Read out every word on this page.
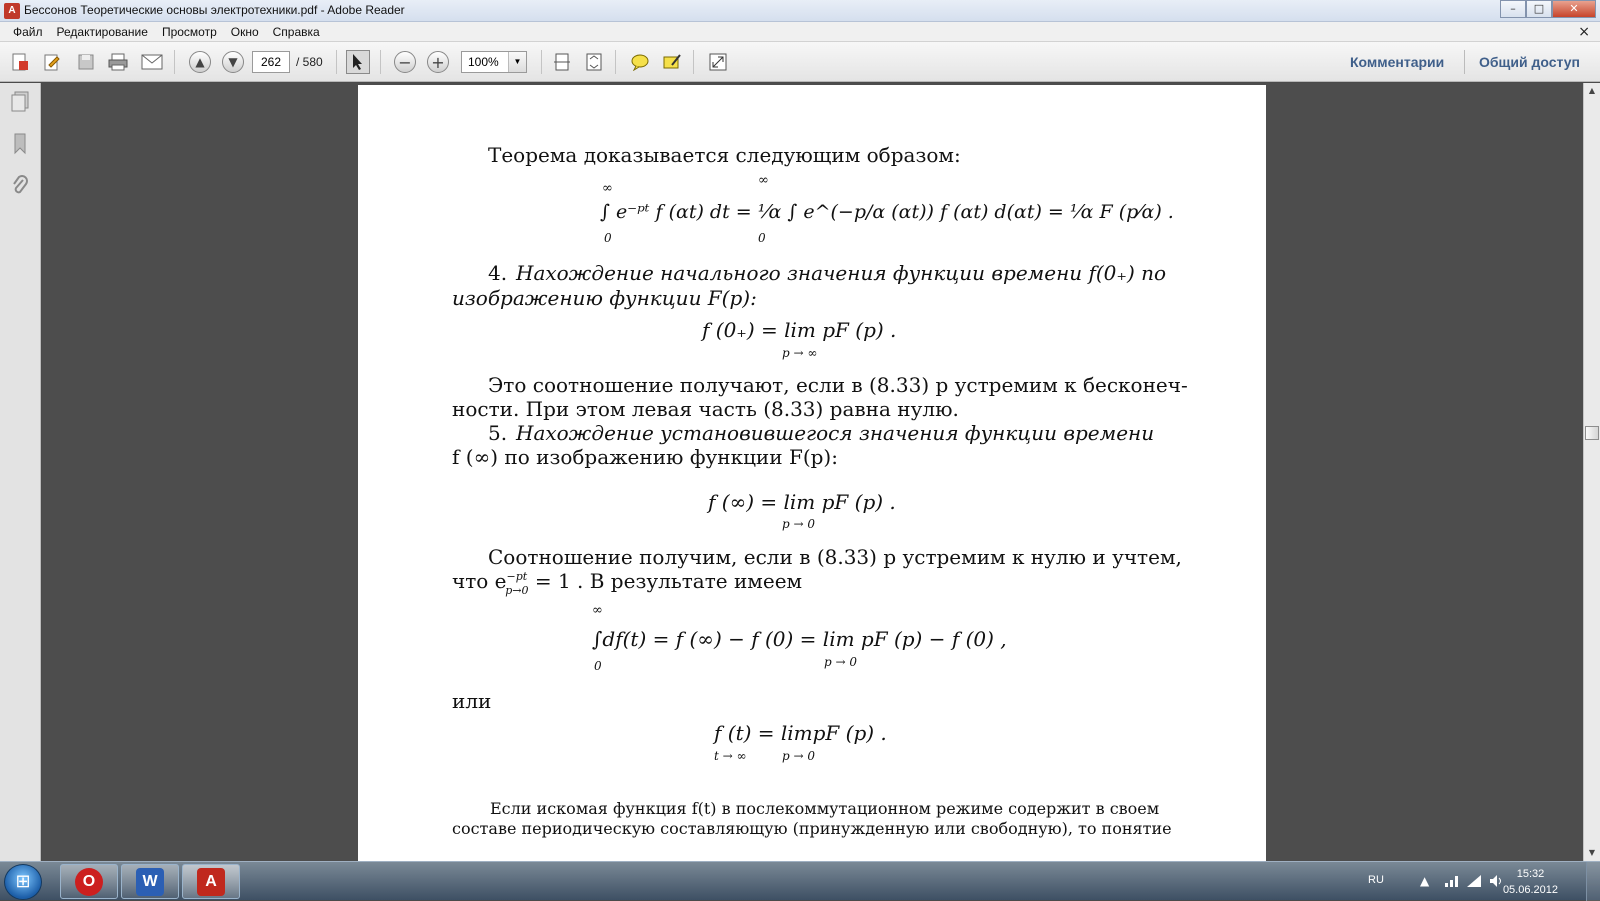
A Бессонов Теоретические основы электротехники.pdf - Adobe Reader	–	□	✕
Файл	Редактирование	Просмотр	Окно	Справка	×
▲	▼	262	/ 580	− +	100%	▼	Комментарии Общий доступ
Теорема доказывается следующим образом:
∞
∞
∫ e⁻ᵖᵗ f (αt) dt = ¹⁄α ∫ e^(−p/α (αt)) f (αt) d(αt) = ¹⁄α F (p⁄α) .
0	0
4. Нахождение начального значения функции времени f(0₊) по
изображению функции F(p):
f (0₊) = lim pF (p) .
p → ∞
Это соотношение получают, если в (8.33) p устремим к бесконеч-
ности. При этом левая часть (8.33) равна нулю.
5. Нахождение установившегося значения функции времени
f (∞) по изображению функции F(p):
f (∞) = lim pF (p) .
p → 0
Соотношение получим, если в (8.33) p устремим к нулю и учтем,
что $e^{-pt}_{p\to 0} = 1$ . В результате имеем
∞
∫df(t) = f (∞) − f (0) = lim pF (p) − f (0) ,
0	p → 0
или
f (t) = limpF (p) .
t → ∞	p → 0
Если искомая функция f(t) в послекоммутационном режиме содержит в своем
составе периодическую составляющую (принужденную или свободную), то понятие
▲
▼
⊞	O	W	A	RU	▲	15:32
05.06.2012
